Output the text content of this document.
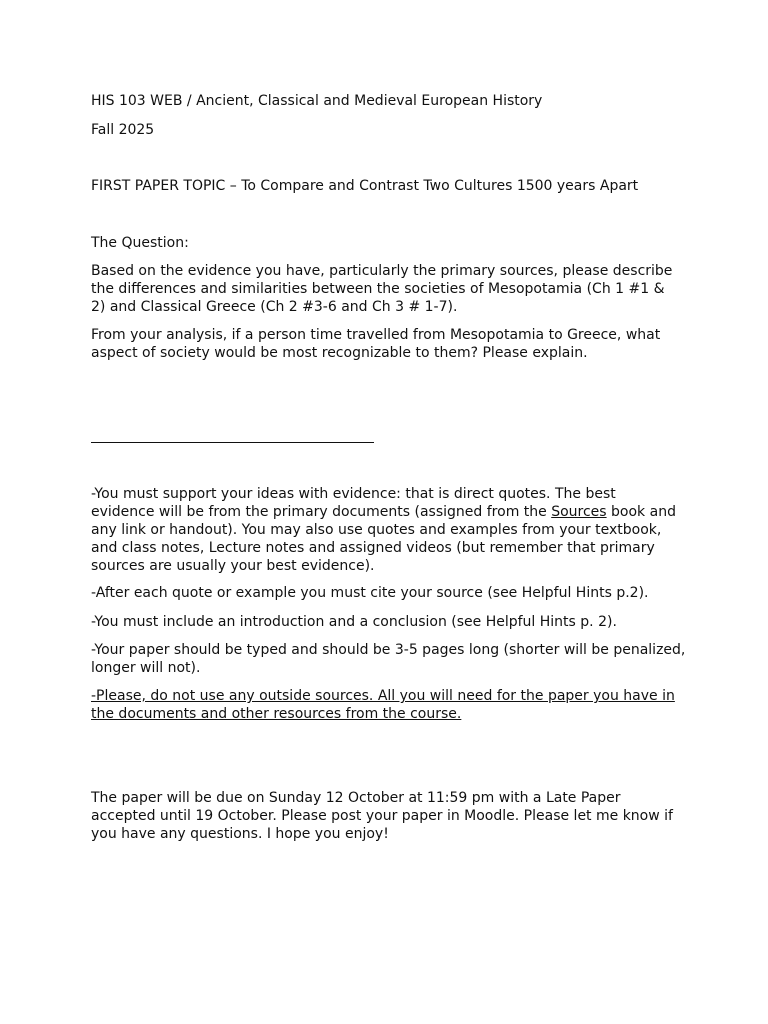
HIS 103 WEB / Ancient, Classical and Medieval European History

Fall 2025

FIRST PAPER TOPIC – To Compare and Contrast Two Cultures 1500 years Apart

The Question:

Based on the evidence you have, particularly the primary sources, please describe the differences and similarities between the societies of Mesopotamia (Ch 1 #1 & 2) and Classical Greece (Ch 2 #3-6 and Ch 3 # 1-7).

From your analysis, if a person time travelled from Mesopotamia to Greece, what aspect of society would be most recognizable to them? Please explain.

-You must support your ideas with evidence: that is direct quotes. The best evidence will be from the primary documents (assigned from the Sources book and any link or handout). You may also use quotes and examples from your textbook, and class notes, Lecture notes and assigned videos (but remember that primary sources are usually your best evidence).

-After each quote or example you must cite your source (see Helpful Hints p.2).

-You must include an introduction and a conclusion (see Helpful Hints p. 2).

-Your paper should be typed and should be 3-5 pages long (shorter will be penalized, longer will not).

-Please, do not use any outside sources. All you will need for the paper you have in the documents and other resources from the course.

The paper will be due on Sunday 12 October at 11:59 pm with a Late Paper accepted until 19 October. Please post your paper in Moodle. Please let me know if you have any questions. I hope you enjoy!
